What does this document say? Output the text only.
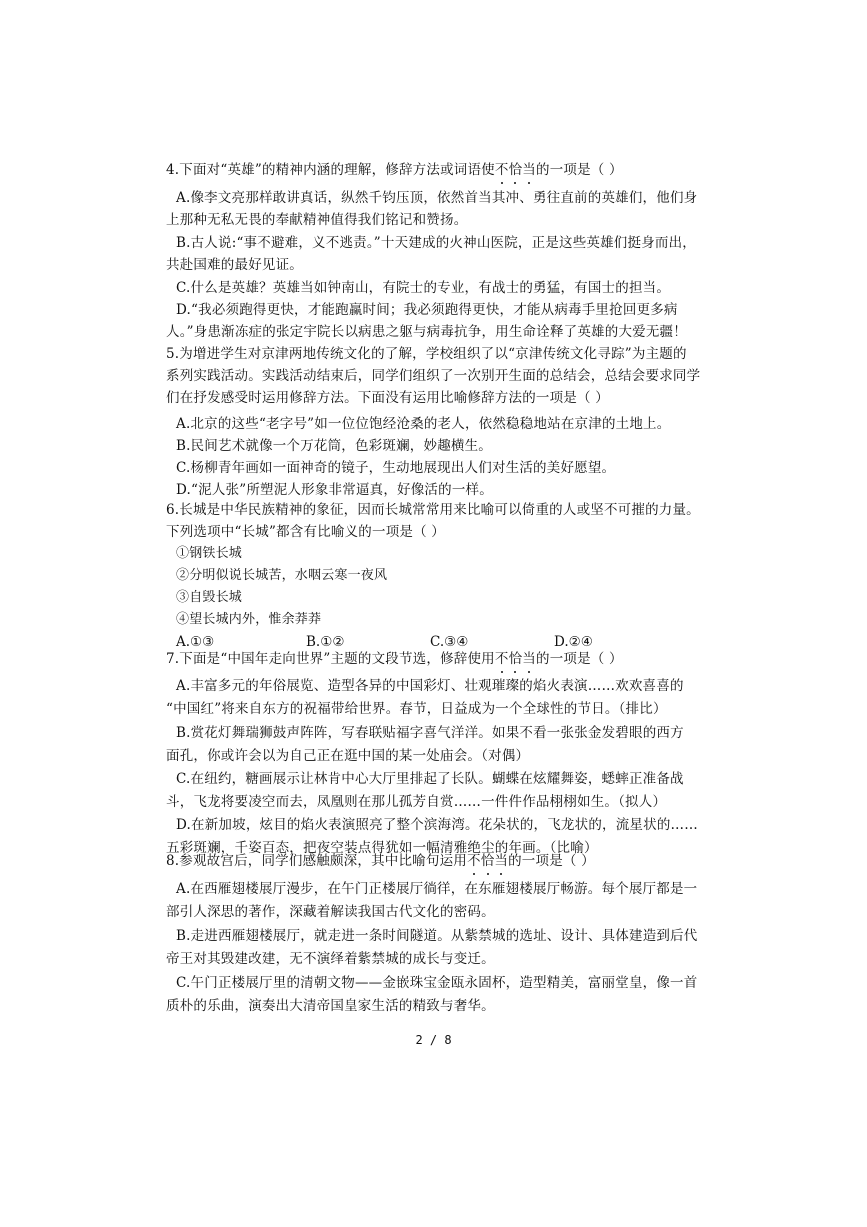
4.下面对“英雄”的精神内涵的理解，修辞方法或词语使不恰当的一项是（ ）
A.像李文亮那样敢讲真话，纵然千钧压顶，依然首当其冲、勇往直前的英雄们，他们身
上那种无私无畏的奉献精神值得我们铭记和赞扬。
B.古人说:“事不避难，义不逃责。”十天建成的火神山医院，正是这些英雄们挺身而出，
共赴国难的最好见证。
C.什么是英雄？英雄当如钟南山，有院士的专业，有战士的勇猛，有国士的担当。
D.“我必须跑得更快，才能跑赢时间；我必须跑得更快，才能从病毒手里抢回更多病
人。”身患渐冻症的张定宇院长以病患之躯与病毒抗争，用生命诠释了英雄的大爱无疆！
5.为增进学生对京津两地传统文化的了解，学校组织了以“京津传统文化寻踪”为主题的
系列实践活动。实践活动结束后，同学们组织了一次别开生面的总结会，总结会要求同学
们在抒发感受时运用修辞方法。下面没有运用比喻修辞方法的一项是（ ）
A.北京的这些“老字号”如一位位饱经沧桑的老人，依然稳稳地站在京津的土地上。
B.民间艺术就像一个万花筒，色彩斑斓，妙趣横生。
C.杨柳青年画如一面神奇的镜子，生动地展现出人们对生活的美好愿望。
D.“泥人张”所塑泥人形象非常逼真，好像活的一样。
6.长城是中华民族精神的象征，因而长城常常用来比喻可以倚重的人或坚不可摧的力量。
下列选项中“长城”都含有比喻义的一项是（ ）
①钢铁长城
②分明似说长城苦，水咽云寒一夜风
③自毁长城
④望长城内外，惟余莽莽
A.①③	B.①②	C.③④	D.②④
7.下面是“中国年走向世界”主题的文段节选，修辞使用不恰当的一项是（ ）
A.丰富多元的年俗展览、造型各异的中国彩灯、壮观璀璨的焰火表演……欢欢喜喜的
“中国红”将来自东方的祝福带给世界。春节，日益成为一个全球性的节日。（排比）
B.赏花灯舞瑞狮鼓声阵阵，写春联贴福字喜气洋洋。如果不看一张张金发碧眼的西方
面孔，你或许会以为自己正在逛中国的某一处庙会。（对偶）
C.在纽约，糖画展示让林肯中心大厅里排起了长队。蝴蝶在炫耀舞姿，蟋蟀正准备战
斗，飞龙将要凌空而去，凤凰则在那儿孤芳自赏……一件件作品栩栩如生。（拟人）
D.在新加坡，炫目的焰火表演照亮了整个滨海湾。花朵状的，飞龙状的，流星状的……
五彩斑斓，千姿百态，把夜空装点得犹如一幅清雅绝尘的年画。（比喻）
8.参观故宫后，同学们感触颇深，其中比喻句运用不恰当的一项是（ ）
A.在西雁翅楼展厅漫步，在午门正楼展厅徜徉，在东雁翅楼展厅畅游。每个展厅都是一
部引人深思的著作，深藏着解读我国古代文化的密码。
B.走进西雁翅楼展厅，就走进一条时间隧道。从紫禁城的选址、设计、具体建造到后代
帝王对其毁建改建，无不演绎着紫禁城的成长与变迁。
C.午门正楼展厅里的清朝文物——金嵌珠宝金瓯永固杯，造型精美，富丽堂皇，像一首
质朴的乐曲，演奏出大清帝国皇家生活的精致与奢华。
2 / 8
